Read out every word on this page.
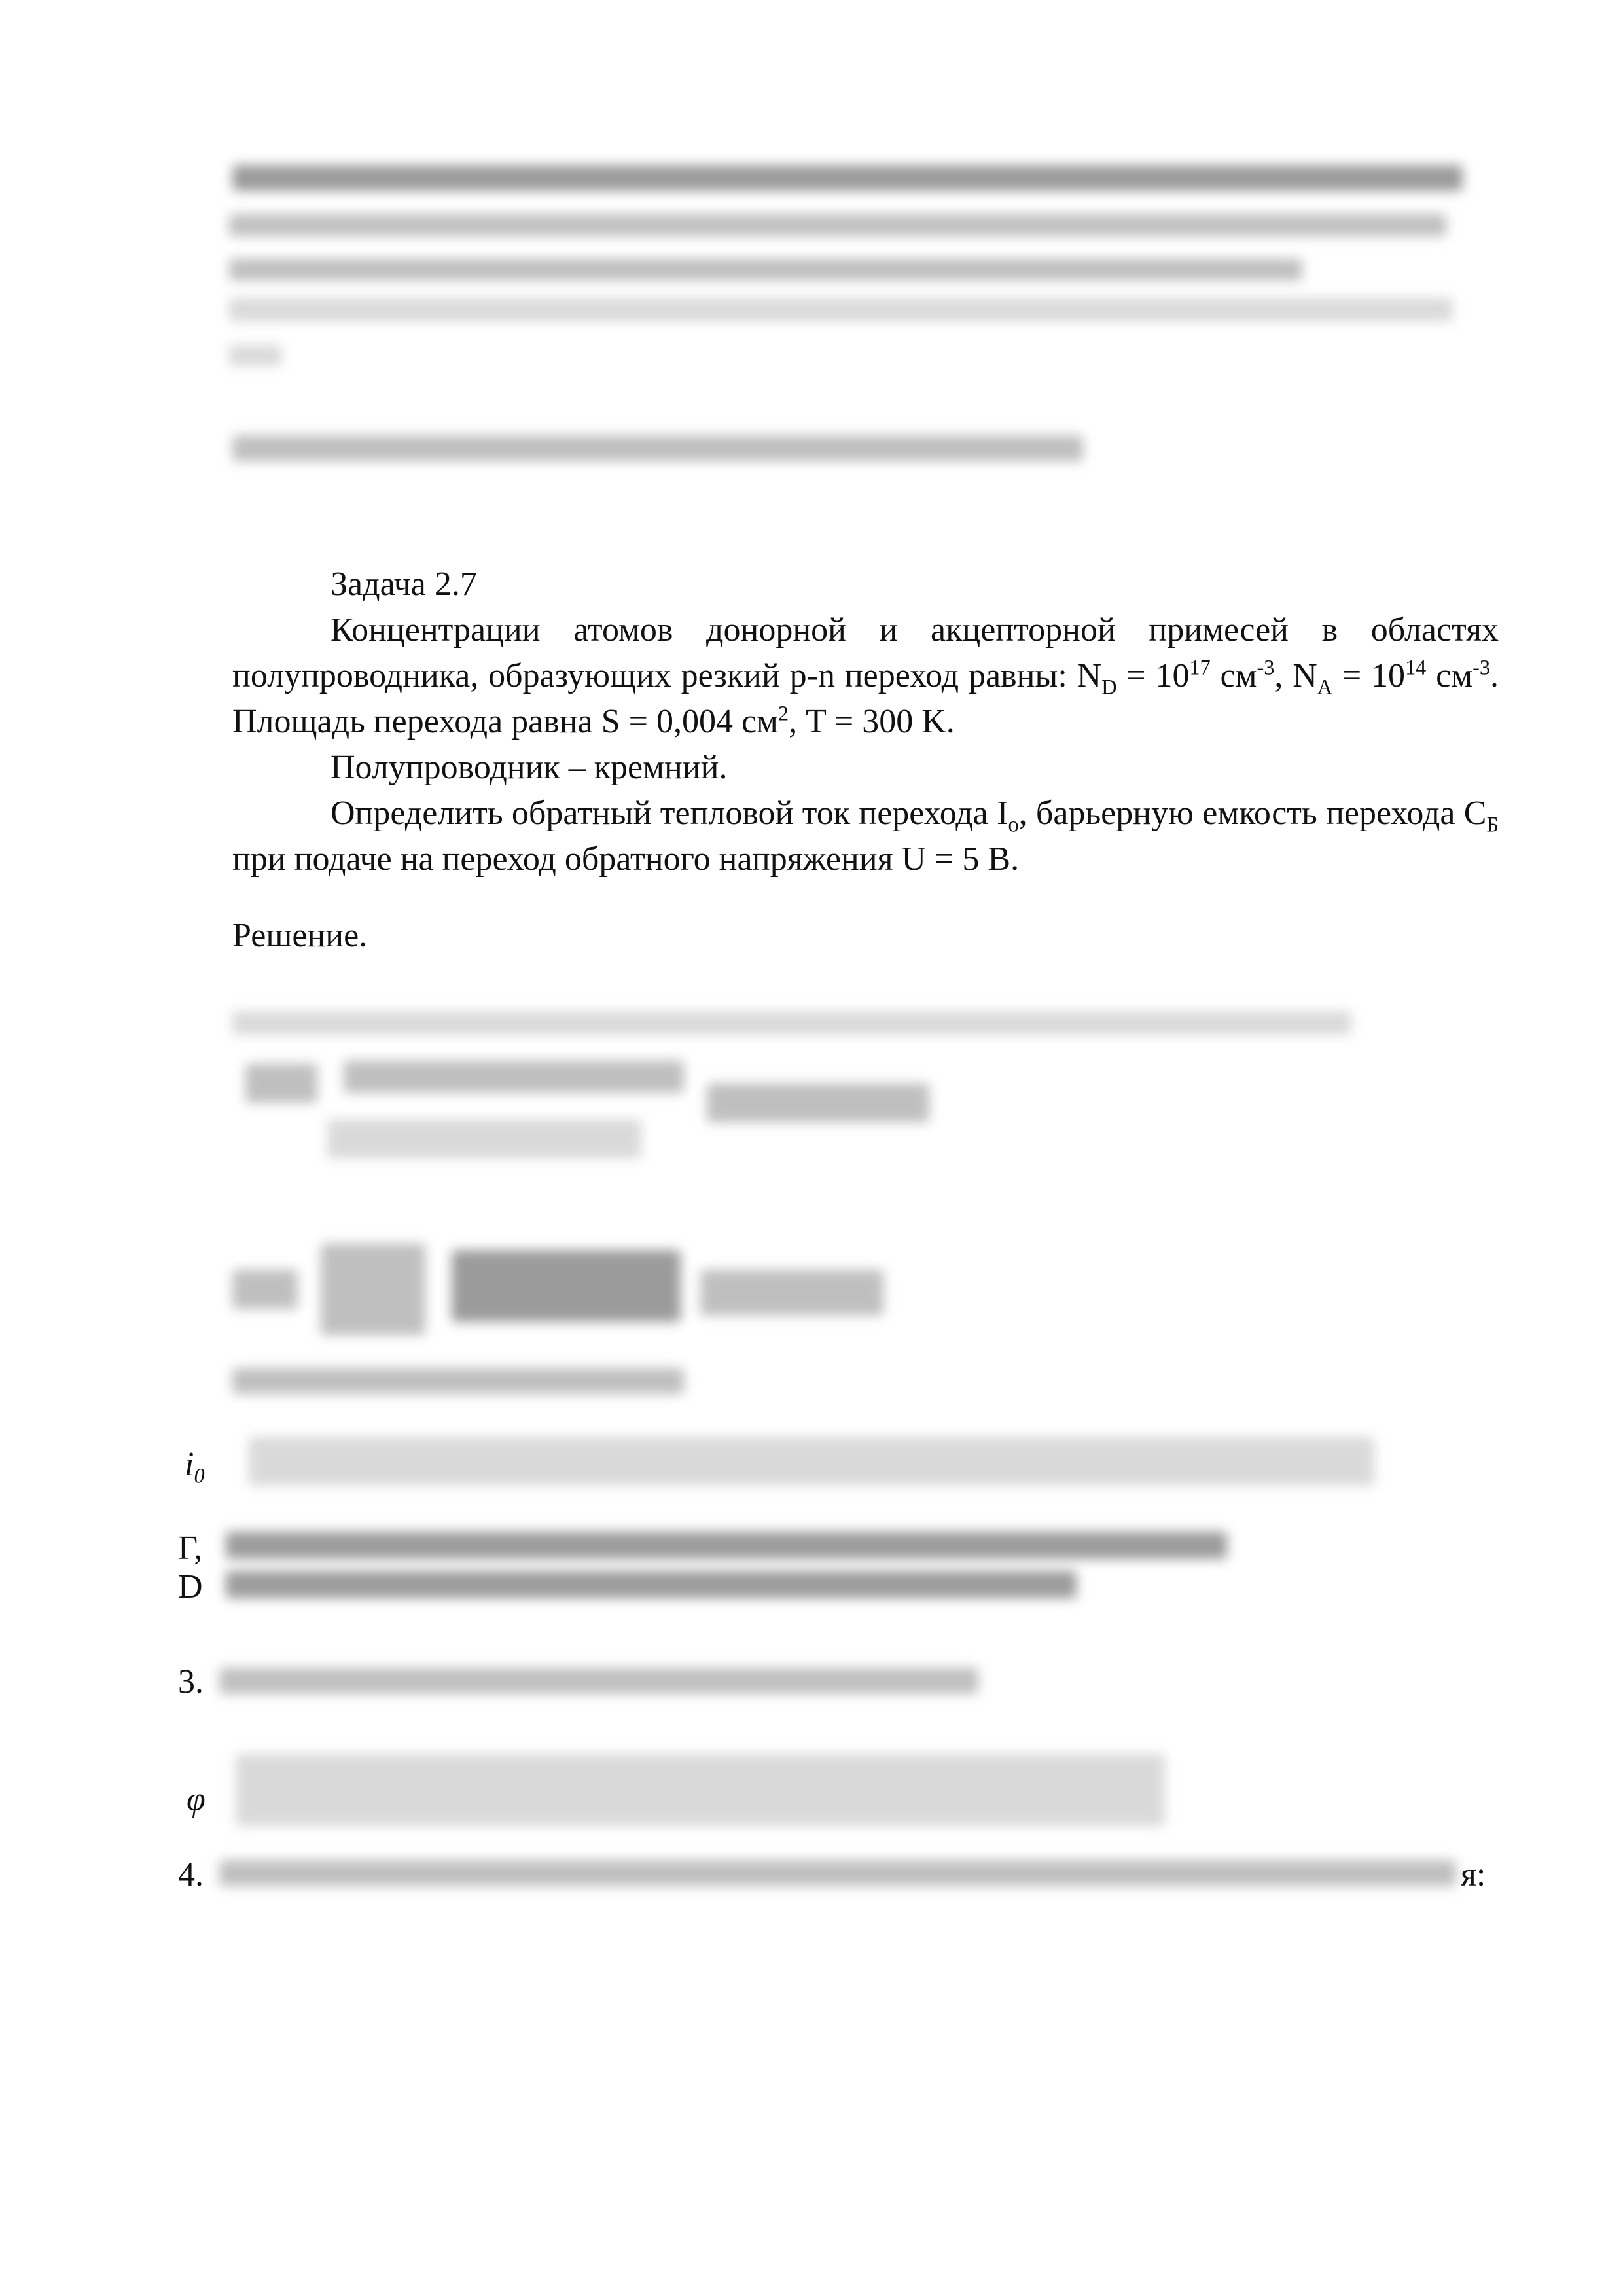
Задача 2.7

Концентрации атомов донорной и акцепторной примесей в областях полупроводника, образующих резкий p-n переход равны: $N_D = 10^{17}$ $см^{-3}$, $N_A = 10^{14}$ $см^{-3}$. Площадь перехода равна S = 0,004 $см^2$, T = 300 K.

Полупроводник – кремний.

Определить обратный тепловой ток перехода $I_o$, барьерную емкость перехода $C_Б$ при подаче на переход обратного напряжения U = 5 В.

Решение.
$i_0$
Г,
D
3.
φ
4.	я:
